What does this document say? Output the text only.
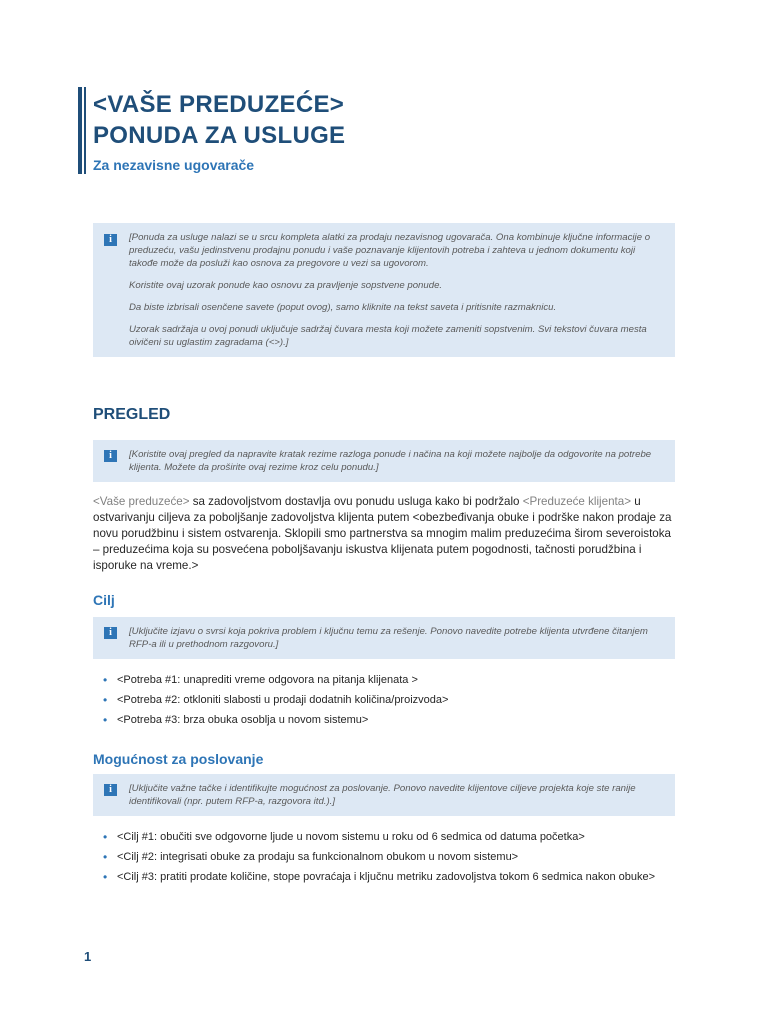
<VAŠE PREDUZEĆE>
PONUDA ZA USLUGE
Za nezavisne ugovarače
i	[Ponuda za usluge nalazi se u srcu kompleta alatki za prodaju nezavisnog ugovarača. Ona kombinuje ključne informacije o preduzeću, vašu jedinstvenu prodajnu ponudu i vaše poznavanje klijentovih potreba i zahteva u jednom dokumentu koji takođe može da posluži kao osnova za pregovore u vezi sa ugovorom.

Koristite ovaj uzorak ponude kao osnovu za pravljenje sopstvene ponude.

Da biste izbrisali osenčene savete (poput ovog), samo kliknite na tekst saveta i pritisnite razmaknicu.

Uzorak sadržaja u ovoj ponudi uključuje sadržaj čuvara mesta koji možete zameniti sopstvenim. Svi tekstovi čuvara mesta oivičeni su uglastim zagradama (<>).]

PREGLED
i	[Koristite ovaj pregled da napravite kratak rezime razloga ponude i načina na koji možete najbolje da odgovorite na potrebe klijenta. Možete da proširite ovaj rezime kroz celu ponudu.]

<Vaše preduzeće> sa zadovoljstvom dostavlja ovu ponudu usluga kako bi podržalo <Preduzeće klijenta> u ostvarivanju ciljeva za poboljšanje zadovoljstva klijenta putem <obezbeđivanja obuke i podrške nakon prodaje za novu porudžbinu i sistem ostvarenja. Sklopili smo partnerstva sa mnogim malim preduzećima širom severoistoka – preduzećima koja su posvećena poboljšavanju iskustva klijenata putem pogodnosti, tačnosti porudžbina i isporuke na vreme.>

Cilj
i	[Uključite izjavu o svrsi koja pokriva problem i ključnu temu za rešenje. Ponovo navedite potrebe klijenta utvrđene čitanjem RFP-a ili u prethodnom razgovoru.]

• <Potreba #1: unaprediti vreme odgovora na pitanja klijenata >
• <Potreba #2: otkloniti slabosti u prodaji dodatnih količina/proizvoda>
• <Potreba #3: brza obuka osoblja u novom sistemu>
Mogućnost za poslovanje
i	[Uključite važne tačke i identifikujte mogućnost za poslovanje. Ponovo navedite klijentove ciljeve projekta koje ste ranije identifikovali (npr. putem RFP-a, razgovora itd.).]

• <Cilj #1: obučiti sve odgovorne ljude u novom sistemu u roku od 6 sedmica od datuma početka>
• <Cilj #2: integrisati obuke za prodaju sa funkcionalnom obukom u novom sistemu>
• <Cilj #3: pratiti prodate količine, stope povraćaja i ključnu metriku zadovoljstva tokom 6 sedmica nakon obuke>
1
